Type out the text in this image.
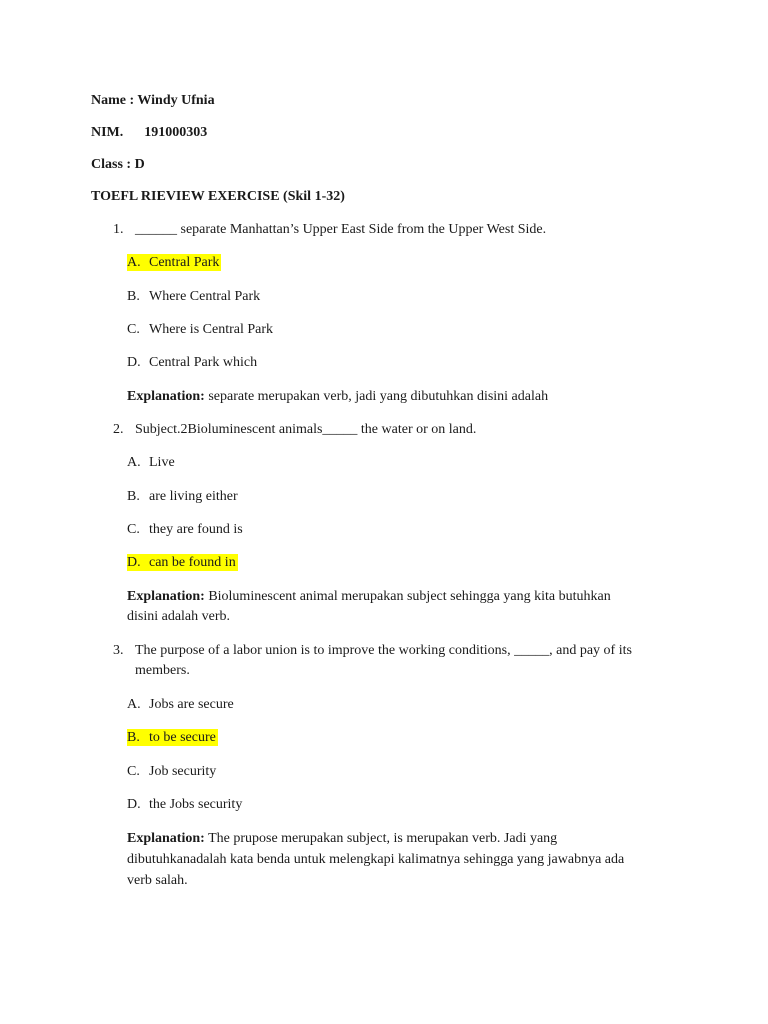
Name : Windy Ufnia
NIM. 191000303
Class : D
TOEFL RIEVIEW EXERCISE (Skil 1-32)
1. ______ separate Manhattan’s Upper East Side from the Upper West Side.
A. Central Park
B. Where Central Park
C. Where is Central Park
D. Central Park which
Explanation: separate merupakan verb, jadi yang dibutuhkan disini adalah
2. Subject.2Bioluminescent animals_____ the water or on land.
A. Live
B. are living either
C. they are found is
D. can be found in
Explanation: Bioluminescent animal merupakan subject sehingga yang kita butuhkan
disini adalah verb.
3. The purpose of a labor union is to improve the working conditions, _____, and pay of its
members.
A. Jobs are secure
B. to be secure
C. Job security
D. the Jobs security
Explanation: The prupose merupakan subject, is merupakan verb. Jadi yang
dibutuhkanadalah kata benda untuk melengkapi kalimatnya sehingga yang jawabnya ada
verb salah.
